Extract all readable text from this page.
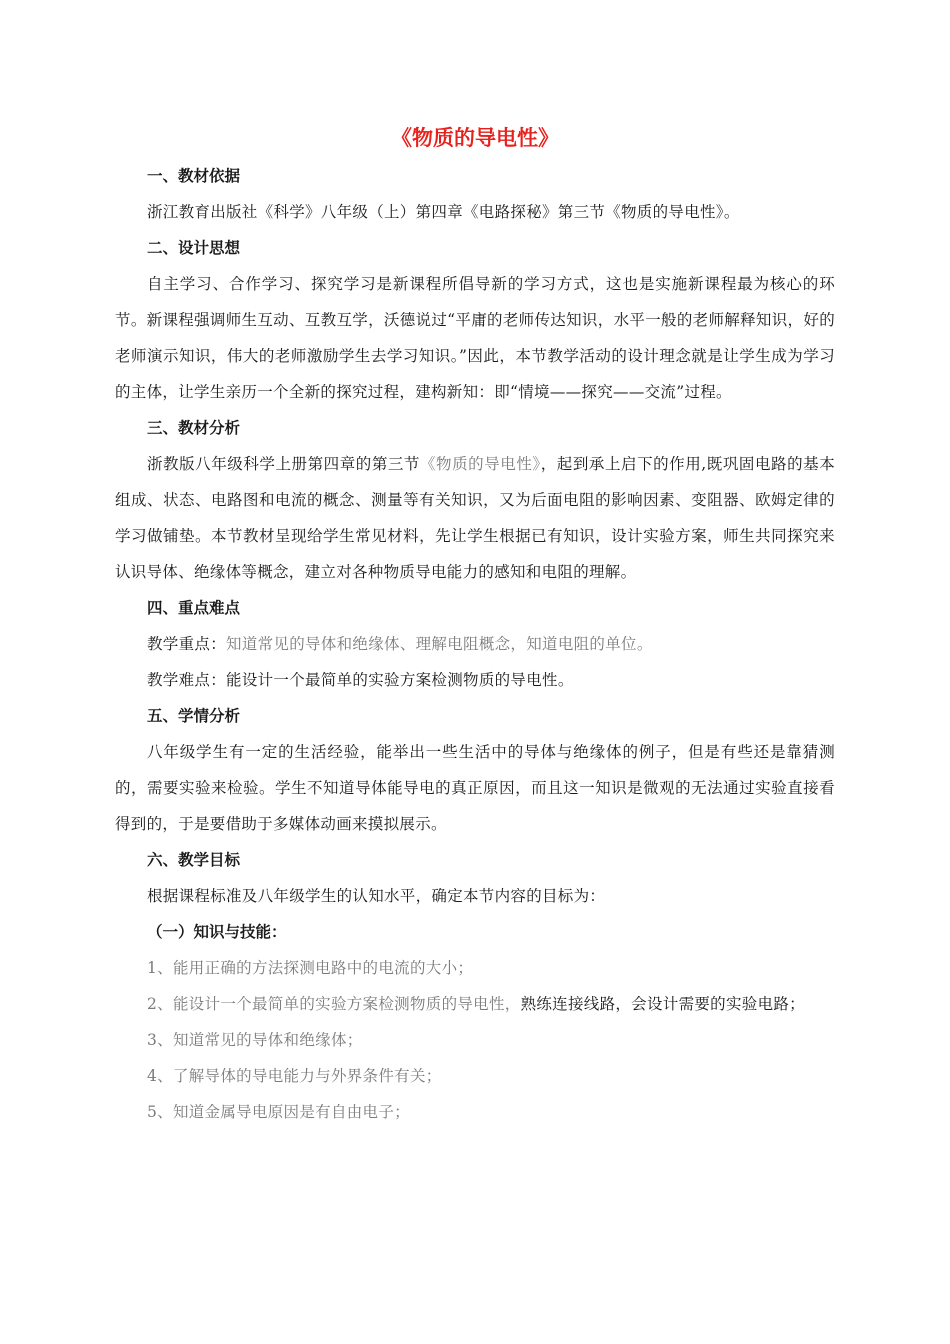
《物质的导电性》
一、教材依据
浙江教育出版社《科学》八年级（上）第四章《电路探秘》第三节《物质的导电性》。
二、设计思想

自主学习、合作学习、探究学习是新课程所倡导新的学习方式，这也是实施新课程最为核心的环节。新课程强调师生互动、互教互学，沃德说过“平庸的老师传达知识，水平一般的老师解释知识，好的老师演示知识，伟大的老师激励学生去学习知识。”因此，本节教学活动的设计理念就是让学生成为学习的主体，让学生亲历一个全新的探究过程，建构新知：即“情境——探究——交流”过程。

三、教材分析

浙教版八年级科学上册第四章的第三节《物质的导电性》，起到承上启下的作用,既巩固电路的基本组成、状态、电路图和电流的概念、测量等有关知识，又为后面电阻的影响因素、变阻器、欧姆定律的学习做铺垫。本节教材呈现给学生常见材料，先让学生根据已有知识，设计实验方案，师生共同探究来认识导体、绝缘体等概念，建立对各种物质导电能力的感知和电阻的理解。

四、重点难点
教学重点：知道常见的导体和绝缘体、理解电阻概念，知道电阻的单位。
教学难点：能设计一个最简单的实验方案检测物质的导电性。
五、学情分析

八年级学生有一定的生活经验，能举出一些生活中的导体与绝缘体的例子，但是有些还是靠猜测的，需要实验来检验。学生不知道导体能导电的真正原因，而且这一知识是微观的无法通过实验直接看得到的，于是要借助于多媒体动画来摸拟展示。

六、教学目标
根据课程标准及八年级学生的认知水平，确定本节内容的目标为：
（一）知识与技能：
1、能用正确的方法探测电路中的电流的大小；
2、能设计一个最简单的实验方案检测物质的导电性，熟练连接线路，会设计需要的实验电路；
3、知道常见的导体和绝缘体；
4、了解导体的导电能力与外界条件有关；
5、知道金属导电原因是有自由电子；
